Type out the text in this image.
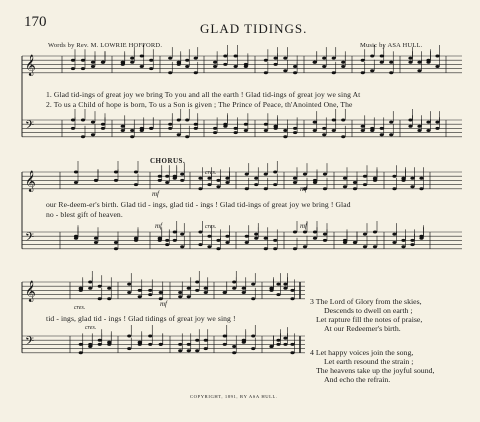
170	GLAD TIDINGS.
Words by Rev. M. LOWRIE HOFFORD.	Music by ASA HULL.
𝄞
𝄢
𝄞
𝄢
𝄞
𝄢
1. Glad tid-ings of great joy we bring To you and all the earth ! Glad tid-ings of great joy we sing At
2. To us a Child of hope is born, To us a Son is given ; The Prince of Peace, th'Anointed One, The
CHORUS.
our Re-deem-er's birth. Glad tid - ings, glad tid - ings ! Glad tid-ings of great joy we bring ! Glad
no - blest gift of heaven.
mf
cres.
mf
mf	cres.	mf
mf
cres.
tid - ings, glad tid - ings ! Glad tidings of great joy we sing !
cres.
3 The Lord of Glory from the skies,
Descends to dwell on earth ;
Let rapture fill the notes of praise,
At our Redeemer's birth.
4 Let happy voices join the song,
Let earth resound the strain ;
The heavens take up the joyful sound,
And echo the refrain.
COPYRIGHT, 1891, BY ASA HULL.
